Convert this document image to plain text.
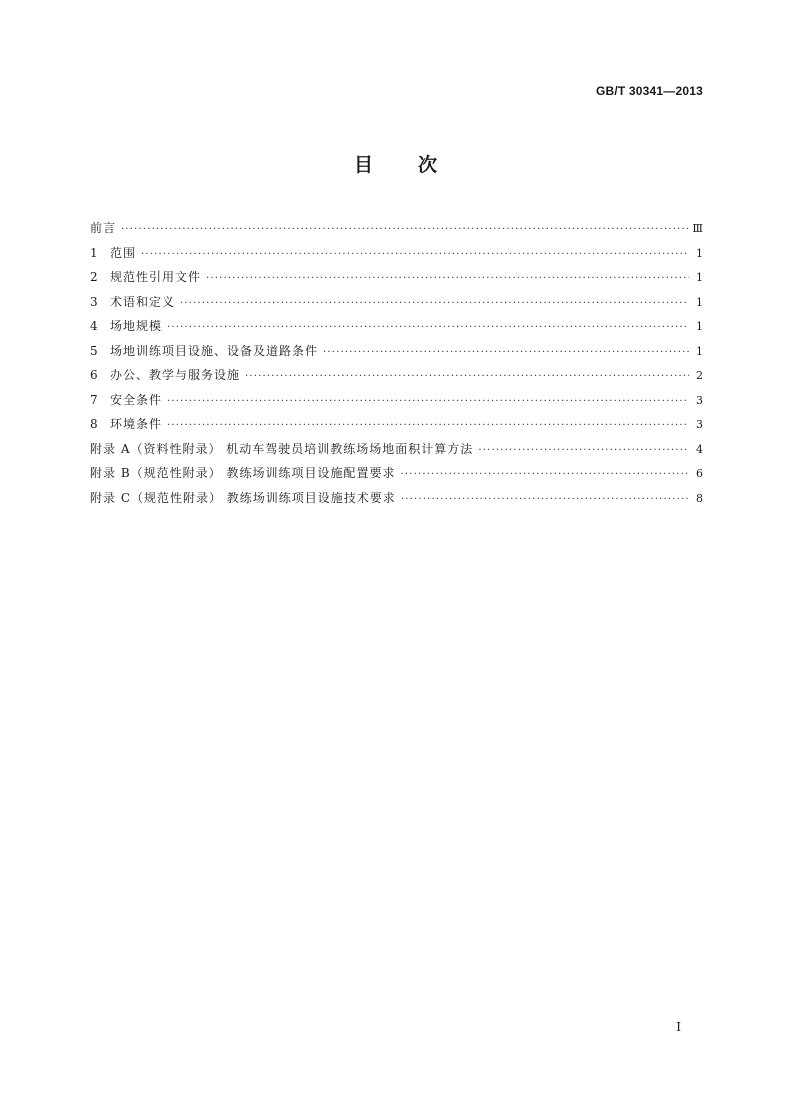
GB/T 30341—2013
目 次
前言 ·····	Ⅲ
1	范围 ·····	1
2	规范性引用文件 ·····	1
3	术语和定义 ·····	1
4	场地规模 ·····	1
5	场地训练项目设施、设备及道路条件 ·····	1
6	办公、教学与服务设施 ·····	2
7	安全条件 ·····	3
8	环境条件 ·····	3
附录 A（资料性附录） 机动车驾驶员培训教练场场地面积计算方法 ·····	4
附录 B（规范性附录） 教练场训练项目设施配置要求 ·····	6
附录 C（规范性附录） 教练场训练项目设施技术要求 ·····	8
I
